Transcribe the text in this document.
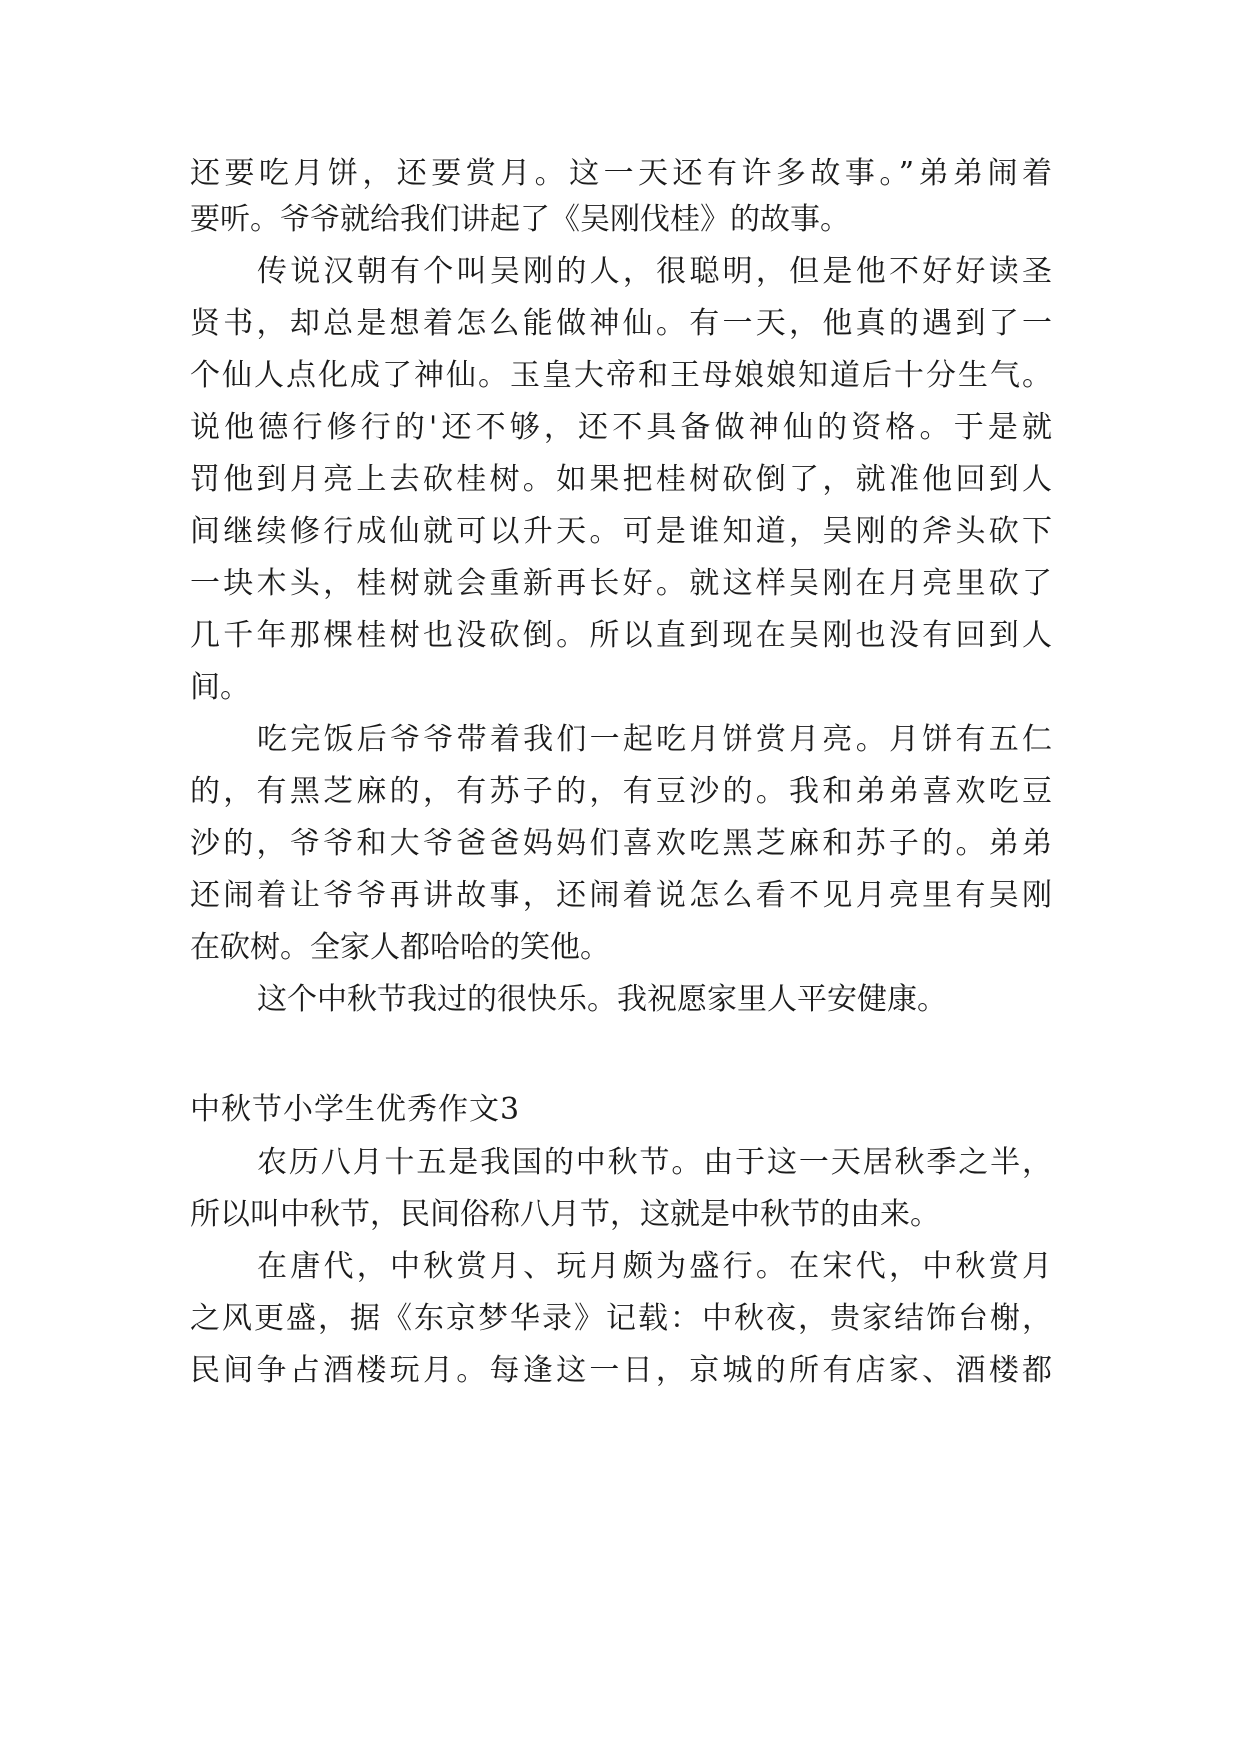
还要吃月饼，还要赏月。这一天还有许多故事。”弟弟闹着
要听。爷爷就给我们讲起了《吴刚伐桂》的故事。
传说汉朝有个叫吴刚的人，很聪明，但是他不好好读圣
贤书，却总是想着怎么能做神仙。有一天，他真的遇到了一
个仙人点化成了神仙。玉皇大帝和王母娘娘知道后十分生气。
说他德行修行的'还不够，还不具备做神仙的资格。于是就
罚他到月亮上去砍桂树。如果把桂树砍倒了，就准他回到人
间继续修行成仙就可以升天。可是谁知道，吴刚的斧头砍下
一块木头，桂树就会重新再长好。就这样吴刚在月亮里砍了
几千年那棵桂树也没砍倒。所以直到现在吴刚也没有回到人
间。
吃完饭后爷爷带着我们一起吃月饼赏月亮。月饼有五仁
的，有黑芝麻的，有苏子的，有豆沙的。我和弟弟喜欢吃豆
沙的，爷爷和大爷爸爸妈妈们喜欢吃黑芝麻和苏子的。弟弟
还闹着让爷爷再讲故事，还闹着说怎么看不见月亮里有吴刚
在砍树。全家人都哈哈的笑他。
这个中秋节我过的很快乐。我祝愿家里人平安健康。
中秋节小学生优秀作文3
农历八月十五是我国的中秋节。由于这一天居秋季之半，
所以叫中秋节，民间俗称八月节，这就是中秋节的由来。
在唐代，中秋赏月、玩月颇为盛行。在宋代，中秋赏月
之风更盛，据《东京梦华录》记载：中秋夜，贵家结饰台榭，
民间争占酒楼玩月。每逢这一日，京城的所有店家、酒楼都
